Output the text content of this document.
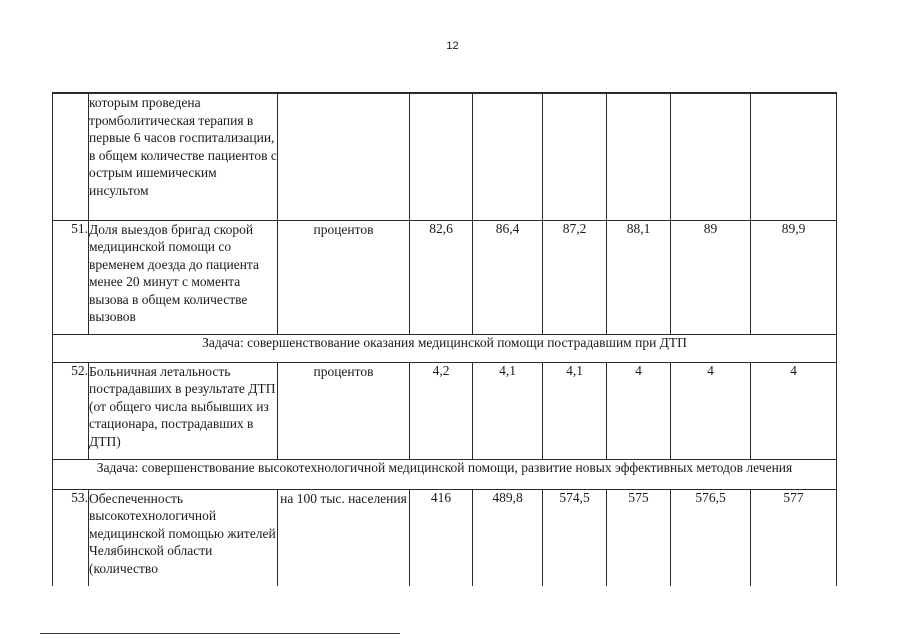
12
	которым проведена тромболитическая терапия в первые 6 часов госпитализации, в общем количестве пациентов с острым ишемическим инсультом							
51.	Доля выездов бригад скорой медицинской помощи со временем доезда до пациента менее 20 минут с момента вызова в общем количестве вызовов	процентов	82,6	86,4	87,2	88,1	89	89,9
Задача: совершенствование оказания медицинской помощи пострадавшим при ДТП								
52.	Больничная летальность пострадавших в результате ДТП (от общего числа выбывших из стационара, пострадавших в ДТП)	процентов	4,2	4,1	4,1	4	4	4
Задача: совершенствование высокотехнологичной медицинской помощи, развитие новых эффективных методов лечения								
53.	Обеспеченность высокотехнологичной медицинской помощью жителей Челябинской области (количество	на 100 тыс. населения	416	489,8	574,5	575	576,5	577
